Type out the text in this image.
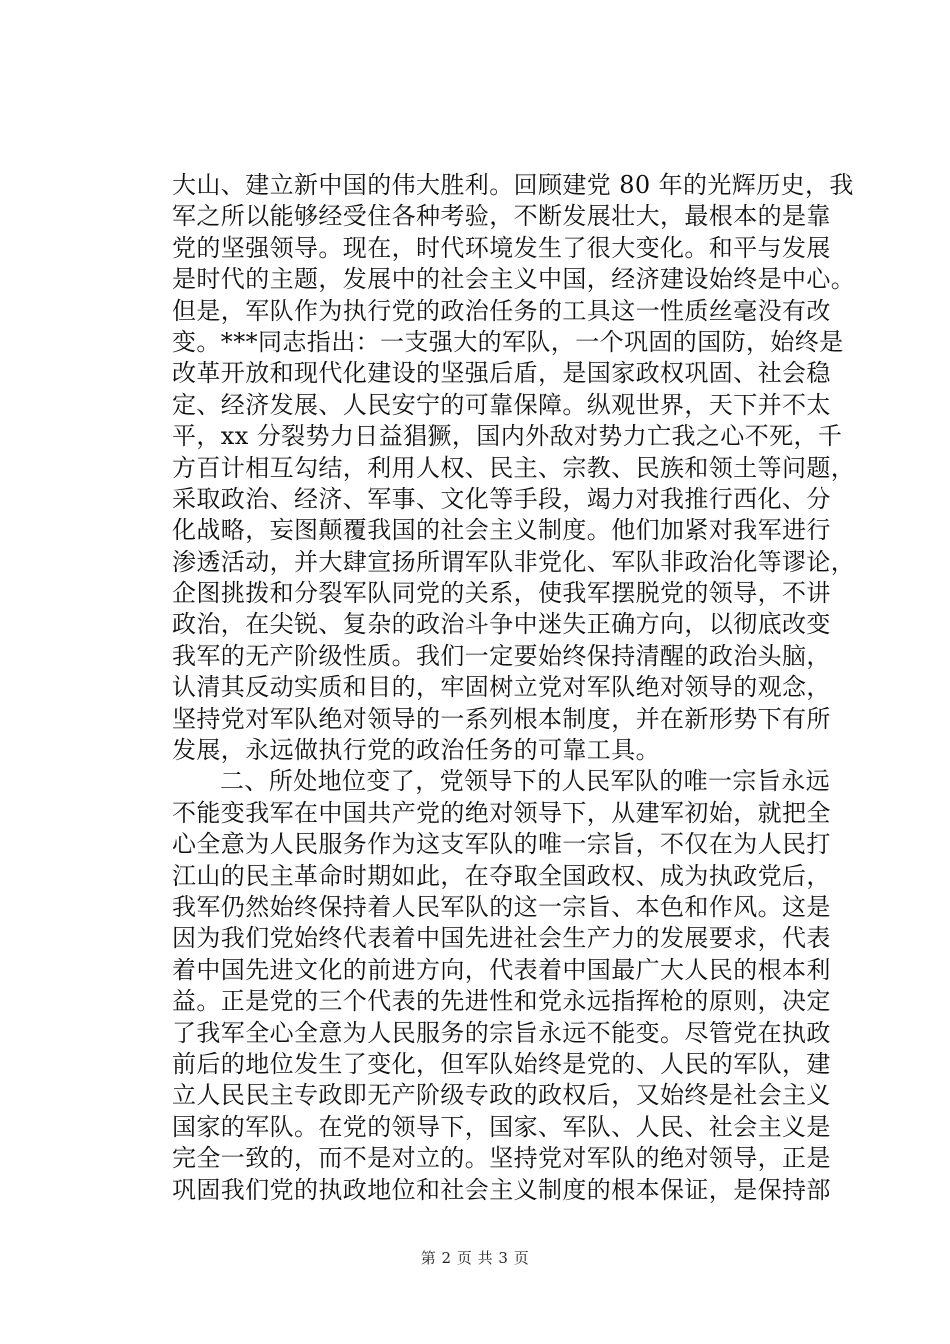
大山、建立新中国的伟大胜利。回顾建党 80 年的光辉历史，我
军之所以能够经受住各种考验，不断发展壮大，最根本的是靠
党的坚强领导。现在，时代环境发生了很大变化。和平与发展
是时代的主题，发展中的社会主义中国，经济建设始终是中心。
但是，军队作为执行党的政治任务的工具这一性质丝毫没有改
变。***同志指出：一支强大的军队，一个巩固的国防，始终是
改革开放和现代化建设的坚强后盾，是国家政权巩固、社会稳
定、经济发展、人民安宁的可靠保障。纵观世界，天下并不太
平，xx 分裂势力日益猖獗，国内外敌对势力亡我之心不死，千
方百计相互勾结，利用人权、民主、宗教、民族和领土等问题，
采取政治、经济、军事、文化等手段，竭力对我推行西化、分
化战略，妄图颠覆我国的社会主义制度。他们加紧对我军进行
渗透活动，并大肆宣扬所谓军队非党化、军队非政治化等谬论，
企图挑拨和分裂军队同党的关系，使我军摆脱党的领导，不讲
政治，在尖锐、复杂的政治斗争中迷失正确方向，以彻底改变
我军的无产阶级性质。我们一定要始终保持清醒的政治头脑，
认清其反动实质和目的，牢固树立党对军队绝对领导的观念，
坚持党对军队绝对领导的一系列根本制度，并在新形势下有所
发展，永远做执行党的政治任务的可靠工具。
二、所处地位变了，党领导下的人民军队的唯一宗旨永远
不能变我军在中国共产党的绝对领导下，从建军初始，就把全
心全意为人民服务作为这支军队的唯一宗旨，不仅在为人民打
江山的民主革命时期如此，在夺取全国政权、成为执政党后，
我军仍然始终保持着人民军队的这一宗旨、本色和作风。这是
因为我们党始终代表着中国先进社会生产力的发展要求，代表
着中国先进文化的前进方向，代表着中国最广大人民的根本利
益。正是党的三个代表的先进性和党永远指挥枪的原则，决定
了我军全心全意为人民服务的宗旨永远不能变。尽管党在执政
前后的地位发生了变化，但军队始终是党的、人民的军队，建
立人民民主专政即无产阶级专政的政权后，又始终是社会主义
国家的军队。在党的领导下，国家、军队、人民、社会主义是
完全一致的，而不是对立的。坚持党对军队的绝对领导，正是
巩固我们党的执政地位和社会主义制度的根本保证，是保持部
第 2 页 共 3 页
